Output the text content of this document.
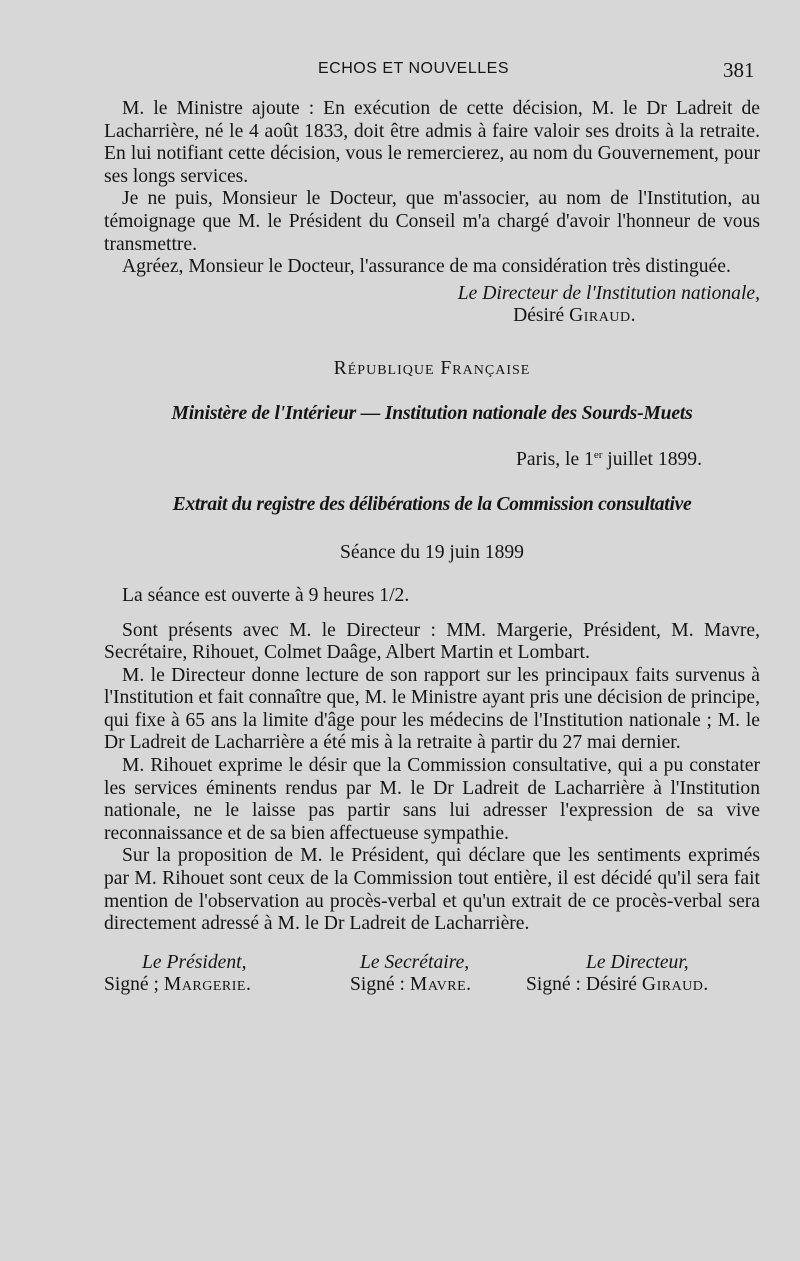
ECHOS ET NOUVELLES	381

M. le Ministre ajoute : En exécution de cette décision, M. le Dr Ladreit de Lacharrière, né le 4 août 1833, doit être admis à faire valoir ses droits à la retraite. En lui notifiant cette décision, vous le remercierez, au nom du Gouvernement, pour ses longs services.

Je ne puis, Monsieur le Docteur, que m'associer, au nom de l'Institution, au témoignage que M. le Président du Conseil m'a chargé d'avoir l'honneur de vous transmettre.

Agréez, Monsieur le Docteur, l'assurance de ma considération très distinguée.

Le Directeur de l'Institution nationale,
Désiré Giraud.
République Française
Ministère de l'Intérieur — Institution nationale des Sourds-Muets
Paris, le 1er juillet 1899.
Extrait du registre des délibérations de la Commission consultative
Séance du 19 juin 1899

La séance est ouverte à 9 heures 1/2.

Sont présents avec M. le Directeur : MM. Margerie, Président, M. Mavre, Secrétaire, Rihouet, Colmet Daâge, Albert Martin et Lombart.

M. le Directeur donne lecture de son rapport sur les principaux faits survenus à l'Institution et fait connaître que, M. le Ministre ayant pris une décision de principe, qui fixe à 65 ans la limite d'âge pour les médecins de l'Institution nationale ; M. le Dr Ladreit de Lacharrière a été mis à la retraite à partir du 27 mai dernier.

M. Rihouet exprime le désir que la Commission consultative, qui a pu constater les services éminents rendus par M. le Dr Ladreit de Lacharrière à l'Institution nationale, ne le laisse pas partir sans lui adresser l'expression de sa vive reconnaissance et de sa bien affectueuse sympathie.

Sur la proposition de M. le Président, qui déclare que les sentiments exprimés par M. Rihouet sont ceux de la Commission tout entière, il est décidé qu'il sera fait mention de l'observation au procès-verbal et qu'un extrait de ce procès-verbal sera directement adressé à M. le Dr Ladreit de Lacharrière.

Le Président,
Signé ; Margerie.
Le Secrétaire,
Signé : Mavre.
Le Directeur,
Signé : Désiré Giraud.
